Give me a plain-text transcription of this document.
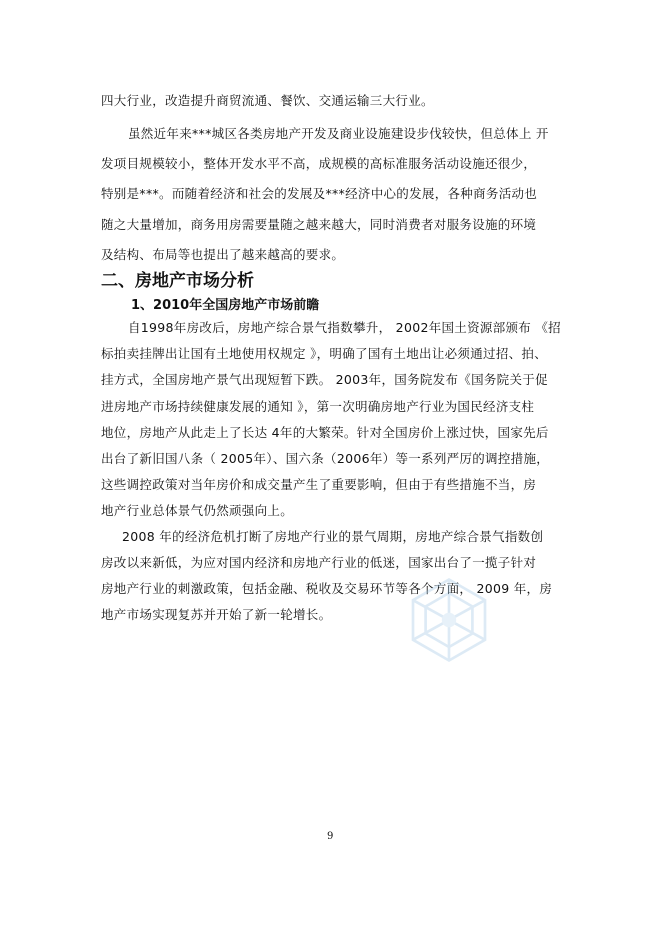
四大行业，改造提升商贸流通、餐饮、交通运输三大行业。
虽然近年来***城区各类房地产开发及商业设施建设步伐较快，但总体上 开
发项目规模较小，整体开发水平不高，成规模的高标准服务活动设施还很少，
特别是***。而随着经济和社会的发展及***经济中心的发展，各种商务活动也
随之大量增加，商务用房需要量随之越来越大，同时消费者对服务设施的环境
及结构、布局等也提出了越来越高的要求。
二、房地产市场分析
1、2010年全国房地产市场前瞻
自1998年房改后，房地产综合景气指数攀升， 2002年国土资源部颁布 《招
标拍卖挂牌出让国有土地使用权规定 》，明确了国有土地出让必须通过招、拍、
挂方式，全国房地产景气出现短暂下跌。 2003年，国务院发布《国务院关于促
进房地产市场持续健康发展的通知 》，第一次明确房地产行业为国民经济支柱
地位，房地产从此走上了长达 4年的大繁荣。针对全国房价上涨过快，国家先后
出台了新旧国八条（ 2005年）、国六条（2006年）等一系列严厉的调控措施，
这些调控政策对当年房价和成交量产生了重要影响，但由于有些措施不当，房
地产行业总体景气仍然顽强向上。
2008 年的经济危机打断了房地产行业的景气周期，房地产综合景气指数创
房改以来新低，为应对国内经济和房地产行业的低迷，国家出台了一揽子针对
房地产行业的刺激政策，包括金融、税收及交易环节等各个方面， 2009 年，房
地产市场实现复苏并开始了新一轮增长。
9
